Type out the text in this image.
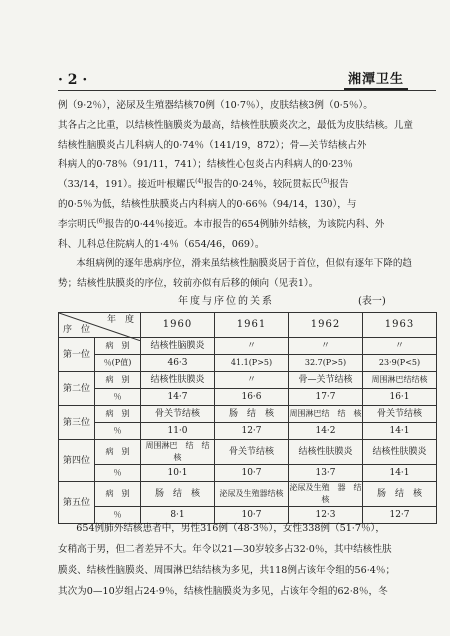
· 2 ·	湘潭卫生

例（9·2％），泌尿及生殖器结核70例（10·7％），皮肤结核3例（0·5％）。

其各占之比重，以结核性脑膜炎为最高，结核性肤膜炎次之，最低为皮肤结核。儿童

结核性脑膜炎占儿科病人的0·74％（141/19，872）；骨—关节结核占外

科病人的0·78％（91/11，741）；结核性心包炎占内科病人的0·23％

（33/14，191）。接近叶根耀氏$^{(4)}$报告的0·24％，较阮贯耘氏$^{(5)}$报告

的0·5％为低，结核性肤膜炎占内科病人的0·66％（94/14，130），与

李宗明氏$^{(6)}$报告的0·44％接近。本市报告的654例肺外结核，为该院内科、外

科、儿科总住院病人的1·4％（654/46，069）。

本组病例的逐年患病序位，滑来虽结核性脑膜炎居于首位，但似有逐年下降的趋

势；结核性肤膜炎的序位，较前亦似有后移的倾向（见表1）。

年度与序位的关系	(表一)
年　度
序　位		1960	1961	1962	1963
第一位	病　别	结核性脑膜炎	〃	〃	〃
	％(P值)	46·3	41.1(P>5)	32.7(P>5)	23·9(P<5)
第二位	病　别	结核性肤膜炎	〃	骨—关节结核	周围淋巴结结核
	％	14·7	16·6	17·7	16·1
第三位	病　别	骨关节结核	肠　结　核	周围淋巴结　结　核	骨关节结核
	％	11·0	12·7	14·2	14·1
第四位	病　别	周围淋巴　结　结　核	骨关节结核	结核性肤膜炎	结核性肤膜炎
	％	10·1	10·7	13·7	14·1
第五位	病　别	肠　结　核	泌尿及生殖器结核	泌尿及生殖　器　结　核	肠　结　核
	％	8·1	10·7	12·3	12·7

654例肺外结核患者中，男性316例（48·3％），女性338例（51·7％），

女稍高于男，但二者差异不大。年令以21—30岁较多占32·0％，其中结核性肤

膜炎、结核性脑膜炎、周围淋巴结结核为多见，共118例占该年令组的56·4％；

其次为0—10岁组占24·9％，结核性脑膜炎为多见，占该年令组的62·8％，冬
